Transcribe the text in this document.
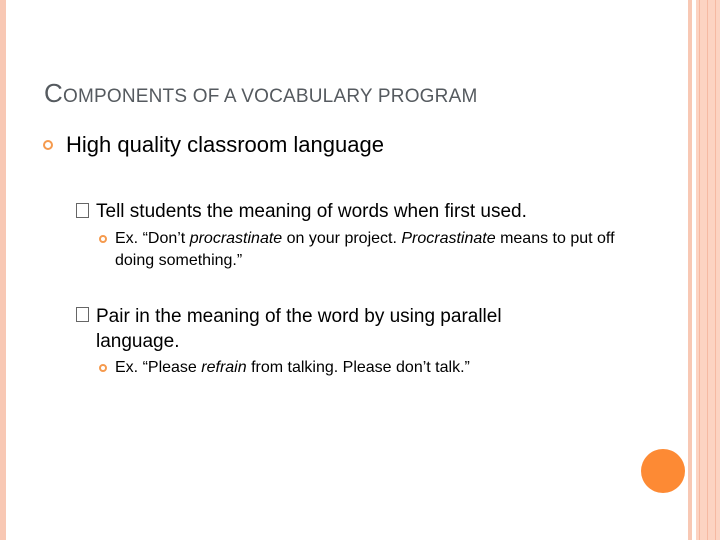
COMPONENTS OF A VOCABULARY PROGRAM
High quality classroom language
Tell students the meaning of words when first used.
Ex. “Don’t procrastinate on your project. Procrastinate means to put off doing something.”
Pair in the meaning of the word by using parallel language.
Ex. “Please refrain from talking. Please don’t talk.”
